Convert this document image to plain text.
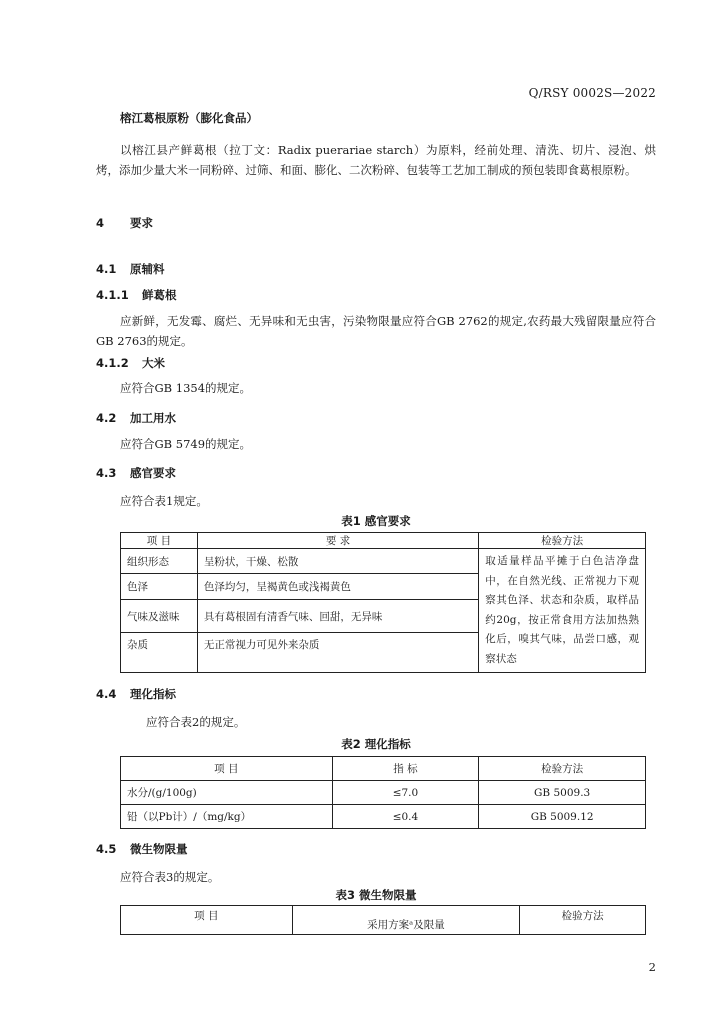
Q/RSY 0002S—2022
榕江葛根原粉（膨化食品）
以榕江县产鲜葛根（拉丁文：Radix puerariae starch）为原料，经前处理、清洗、切片、浸泡、烘烤，添加少量大米一同粉碎、过筛、和面、膨化、二次粉碎、包装等工艺加工制成的预包装即食葛根原粉。
4 要求
4.1 原辅料
4.1.1 鲜葛根
应新鲜，无发霉、腐烂、无异味和无虫害，污染物限量应符合GB 2762的规定,农药最大残留限量应符合GB 2763的规定。
4.1.2 大米
应符合GB 1354的规定。
4.2 加工用水
应符合GB 5749的规定。
4.3 感官要求
应符合表1规定。
表1 感官要求
项 目	要 求	检验方法
组织形态	呈粉状，干燥、松散	取适量样品平摊于白色洁净盘中，在自然光线、正常视力下观察其色泽、状态和杂质，取样品约20g，按正常食用方法加热熟化后，嗅其气味，品尝口感，观察状态
色泽	色泽均匀，呈褐黄色或浅褐黄色	
气味及滋味	具有葛根固有清香气味、回甜，无异味	
杂质	无正常视力可见外来杂质	
4.4 理化指标
应符合表2的规定。
表2 理化指标
项 目	指 标	检验方法
水分/(g/100g)	≤7.0	GB 5009.3
铅（以Pb计）/（mg/kg）	≤0.4	GB 5009.12
4.5 微生物限量
应符合表3的规定。
表3 微生物限量
项 目	采用方案ᵃ及限量	检验方法
2
